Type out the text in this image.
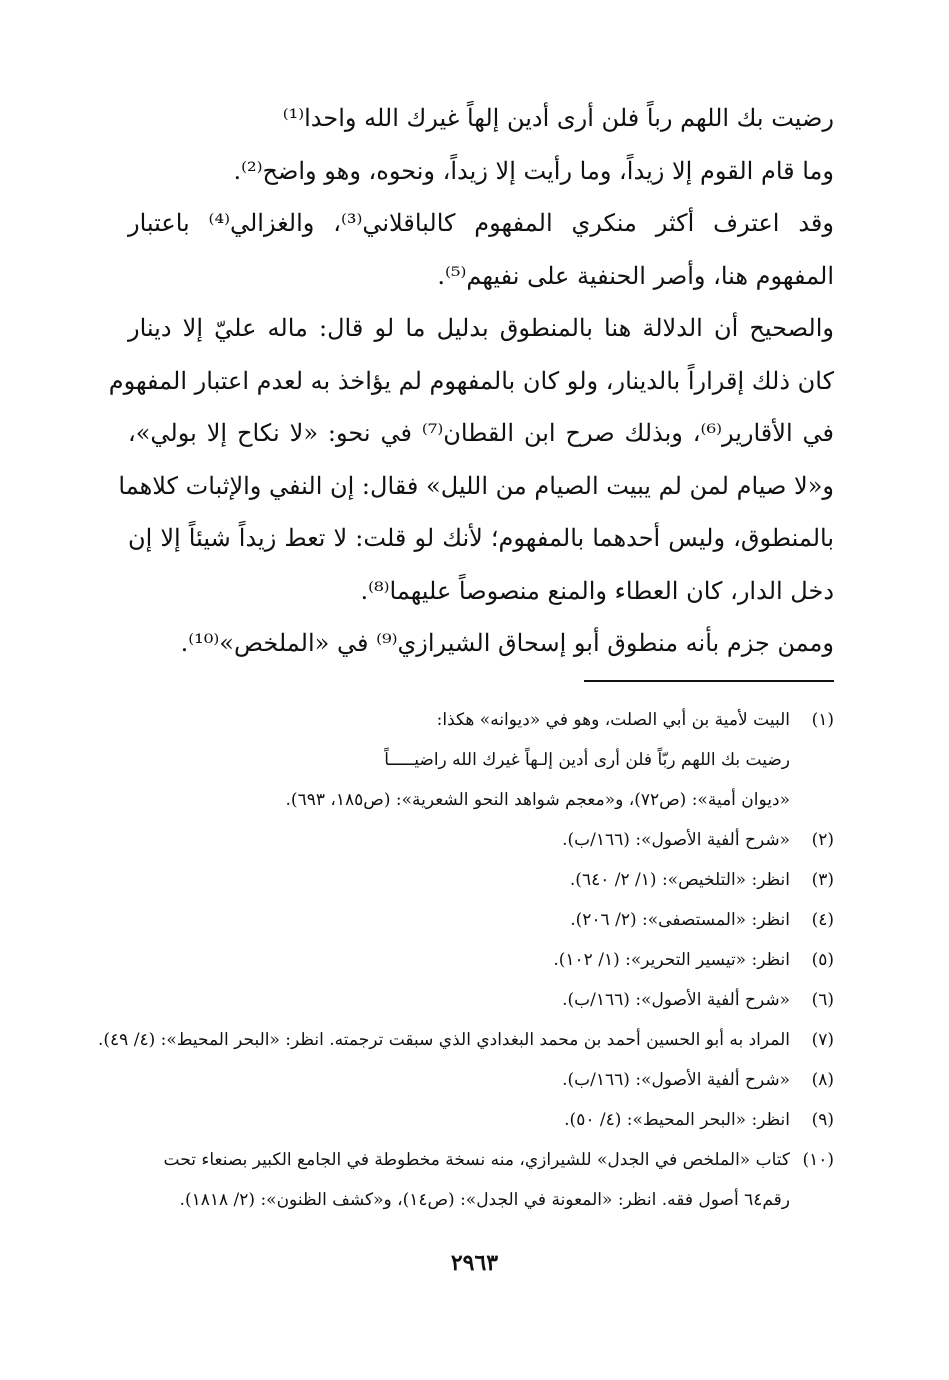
رضيت بك اللهم رباً فلن أرى أدين إلهاً غيرك الله واحدا⁽¹⁾
وما قام القوم إلا زيداً، وما رأيت إلا زيداً، ونحوه، وهو واضح⁽²⁾.
وقد اعترف أكثر منكري المفهوم كالباقلاني⁽³⁾، والغزالي⁽⁴⁾ باعتبار
المفهوم هنا، وأصر الحنفية على نفيهم⁽⁵⁾.
والصحيح أن الدلالة هنا بالمنطوق بدليل ما لو قال: ماله عليّ إلا دينار
كان ذلك إقراراً بالدينار، ولو كان بالمفهوم لم يؤاخذ به لعدم اعتبار المفهوم
في الأقارير⁽⁶⁾، وبذلك صرح ابن القطان⁽⁷⁾ في نحو: «لا نكاح إلا بولي»،
و«لا صيام لمن لم يبيت الصيام من الليل» فقال: إن النفي والإثبات كلاهما
بالمنطوق، وليس أحدهما بالمفهوم؛ لأنك لو قلت: لا تعط زيداً شيئاً إلا إن
دخل الدار، كان العطاء والمنع منصوصاً عليهما⁽⁸⁾.
وممن جزم بأنه منطوق أبو إسحاق الشيرازي⁽⁹⁾ في «الملخص»⁽¹⁰⁾.
(١)البيت لأمية بن أبي الصلت، وهو في «ديوانه» هكذا:
رضيت بك اللهم ربّاً فلن أرى أدين إلـهاً غيرك الله راضيـــــاً
«ديوان أمية»: (ص٧٢)، و«معجم شواهد النحو الشعرية»: (ص١٨٥، ٦٩٣).
(٢)«شرح ألفية الأصول»: (١٦٦/ب).
(٣)انظر: «التلخيص»: (١/ ٢/ ٦٤٠).
(٤)انظر: «المستصفى»: (٢/ ٢٠٦).
(٥)انظر: «تيسير التحرير»: (١/ ١٠٢).
(٦)«شرح ألفية الأصول»: (١٦٦/ب).
(٧)المراد به أبو الحسين أحمد بن محمد البغدادي الذي سبقت ترجمته. انظر: «البحر المحيط»: (٤/ ٤٩).
(٨)«شرح ألفية الأصول»: (١٦٦/ب).
(٩)انظر: «البحر المحيط»: (٤/ ٥٠).
(١٠)كتاب «الملخص في الجدل» للشيرازي، منه نسخة مخطوطة في الجامع الكبير بصنعاء تحت
رقم٦٤ أصول فقه. انظر: «المعونة في الجدل»: (ص١٤)، و«كشف الظنون»: (٢/ ١٨١٨).
٢٩٦٣
